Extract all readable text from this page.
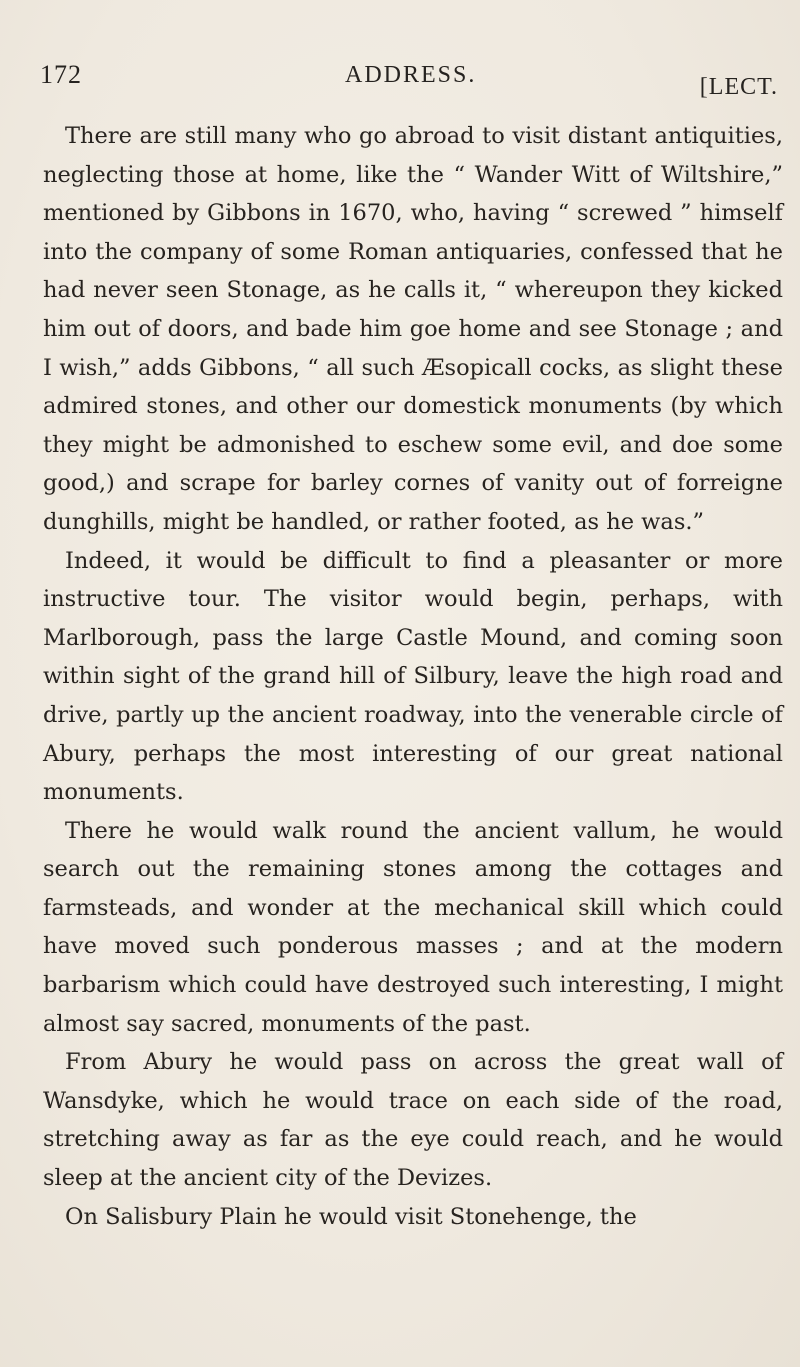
172	ADDRESS.	[LECT.

There are still many who go abroad to visit distant antiquities, neglecting those at home, like the “ Wander Witt of Wiltshire,” mentioned by Gibbons in 1670, who, having “ screwed ” himself into the company of some Roman antiquaries, confessed that he had never seen Stonage, as he calls it, “ whereupon they kicked him out of doors, and bade him goe home and see Stonage ; and I wish,” adds Gibbons, “ all such Æsopicall cocks, as slight these admired stones, and other our domestick monuments (by which they might be admonished to eschew some evil, and doe some good,) and scrape for barley cornes of vanity out of forreigne dunghills, might be handled, or rather footed, as he was.”

Indeed, it would be difficult to find a pleasanter or more instructive tour. The visitor would begin, perhaps, with Marlborough, pass the large Castle Mound, and coming soon within sight of the grand hill of Silbury, leave the high road and drive, partly up the ancient roadway, into the venerable circle of Abury, perhaps the most interesting of our great national monuments.

There he would walk round the ancient vallum, he would search out the remaining stones among the cottages and farmsteads, and wonder at the mechanical skill which could have moved such ponderous masses ; and at the modern barbarism which could have destroyed such interesting, I might almost say sacred, monuments of the past.

From Abury he would pass on across the great wall of Wansdyke, which he would trace on each side of the road, stretching away as far as the eye could reach, and he would sleep at the ancient city of the Devizes.

On Salisbury Plain he would visit Stonehenge, the
